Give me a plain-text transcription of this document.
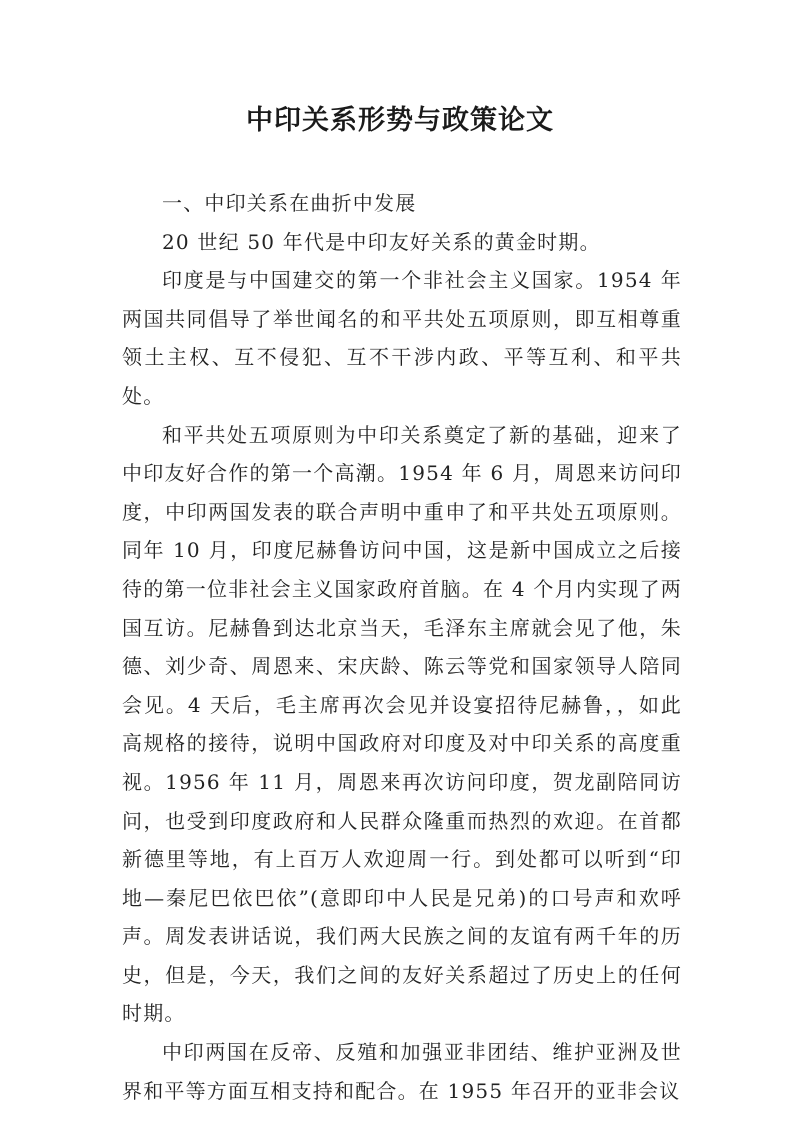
中印关系形势与政策论文

一、中印关系在曲折中发展

20 世纪 50 年代是中印友好关系的黄金时期。

印度是与中国建交的第一个非社会主义国家。1954 年两国共同倡导了举世闻名的和平共处五项原则，即互相尊重领土主权、互不侵犯、互不干涉内政、平等互利、和平共处。

和平共处五项原则为中印关系奠定了新的基础，迎来了中印友好合作的第一个高潮。1954 年 6 月，周恩来访问印度，中印两国发表的联合声明中重申了和平共处五项原则。同年 10 月，印度尼赫鲁访问中国，这是新中国成立之后接待的第一位非社会主义国家政府首脑。在 4 个月内实现了两国互访。尼赫鲁到达北京当天，毛泽东主席就会见了他，朱德、刘少奇、周恩来、宋庆龄、陈云等党和国家领导人陪同会见。4 天后，毛主席再次会见并设宴招待尼赫鲁，，如此高规格的接待，说明中国政府对印度及对中印关系的高度重视。1956 年 11 月，周恩来再次访问印度，贺龙副陪同访问，也受到印度政府和人民群众隆重而热烈的欢迎。在首都新德里等地，有上百万人欢迎周一行。到处都可以听到“印地—秦尼巴依巴依”(意即印中人民是兄弟)的口号声和欢呼声。周发表讲话说，我们两大民族之间的友谊有两千年的历史，但是，今天，我们之间的友好关系超过了历史上的任何时期。

中印两国在反帝、反殖和加强亚非团结、维护亚洲及世界和平等方面互相支持和配合。在 1955 年召开的亚非会议
